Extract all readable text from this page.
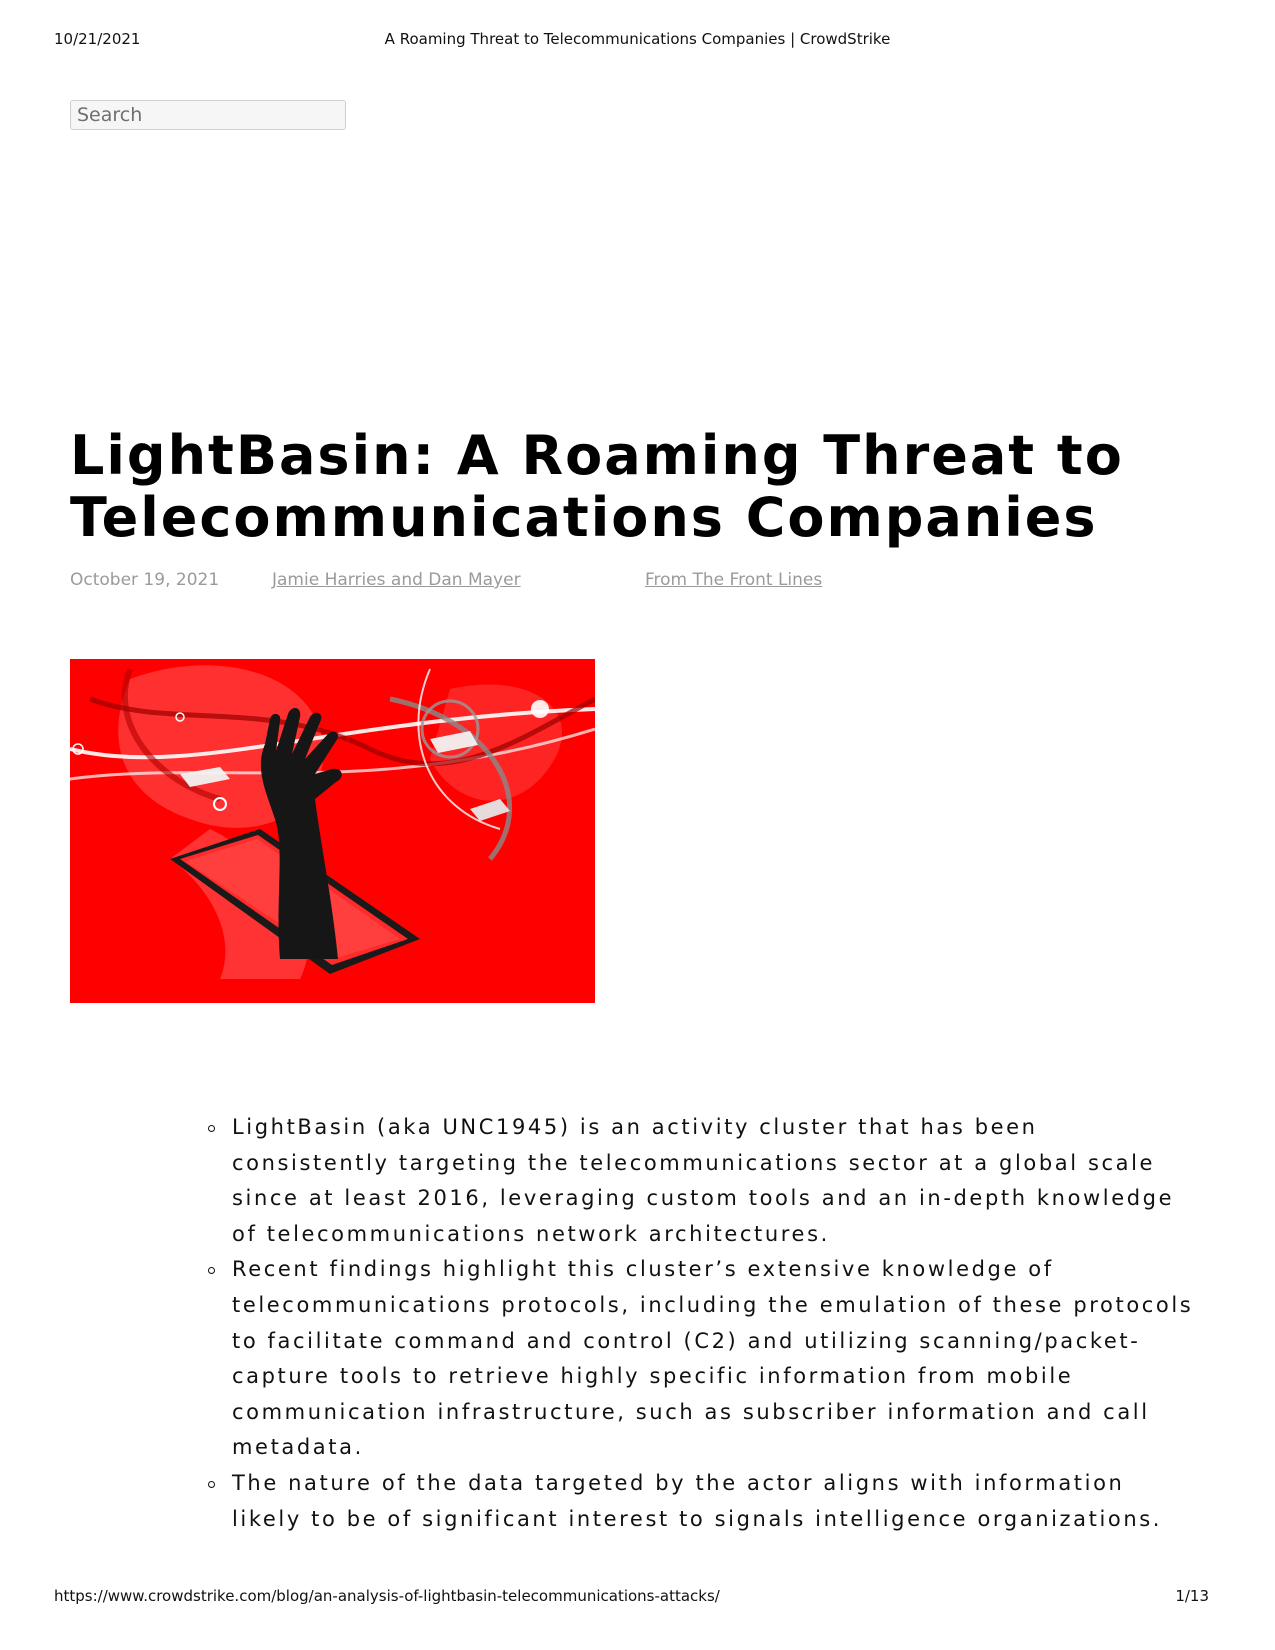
10/21/2021	A Roaming Threat to Telecommunications Companies | CrowdStrike
Search
LightBasin: A Roaming Threat to
Telecommunications Companies
October 19, 2021	Jamie Harries and Dan Mayer	From The Front Lines
LightBasin (aka UNC1945) is an activity cluster that has been consistently targeting the telecommunications sector at a global scale since at least 2016, leveraging custom tools and an in-depth knowledge of telecommunications network architectures.
Recent findings highlight this cluster’s extensive knowledge of telecommunications protocols, including the emulation of these protocols to facilitate command and control (C2) and utilizing scanning/packet-capture tools to retrieve highly specific information from mobile communication infrastructure, such as subscriber information and call metadata.
The nature of the data targeted by the actor aligns with information likely to be of significant interest to signals intelligence organizations.
https://www.crowdstrike.com/blog/an-analysis-of-lightbasin-telecommunications-attacks/	1/13
